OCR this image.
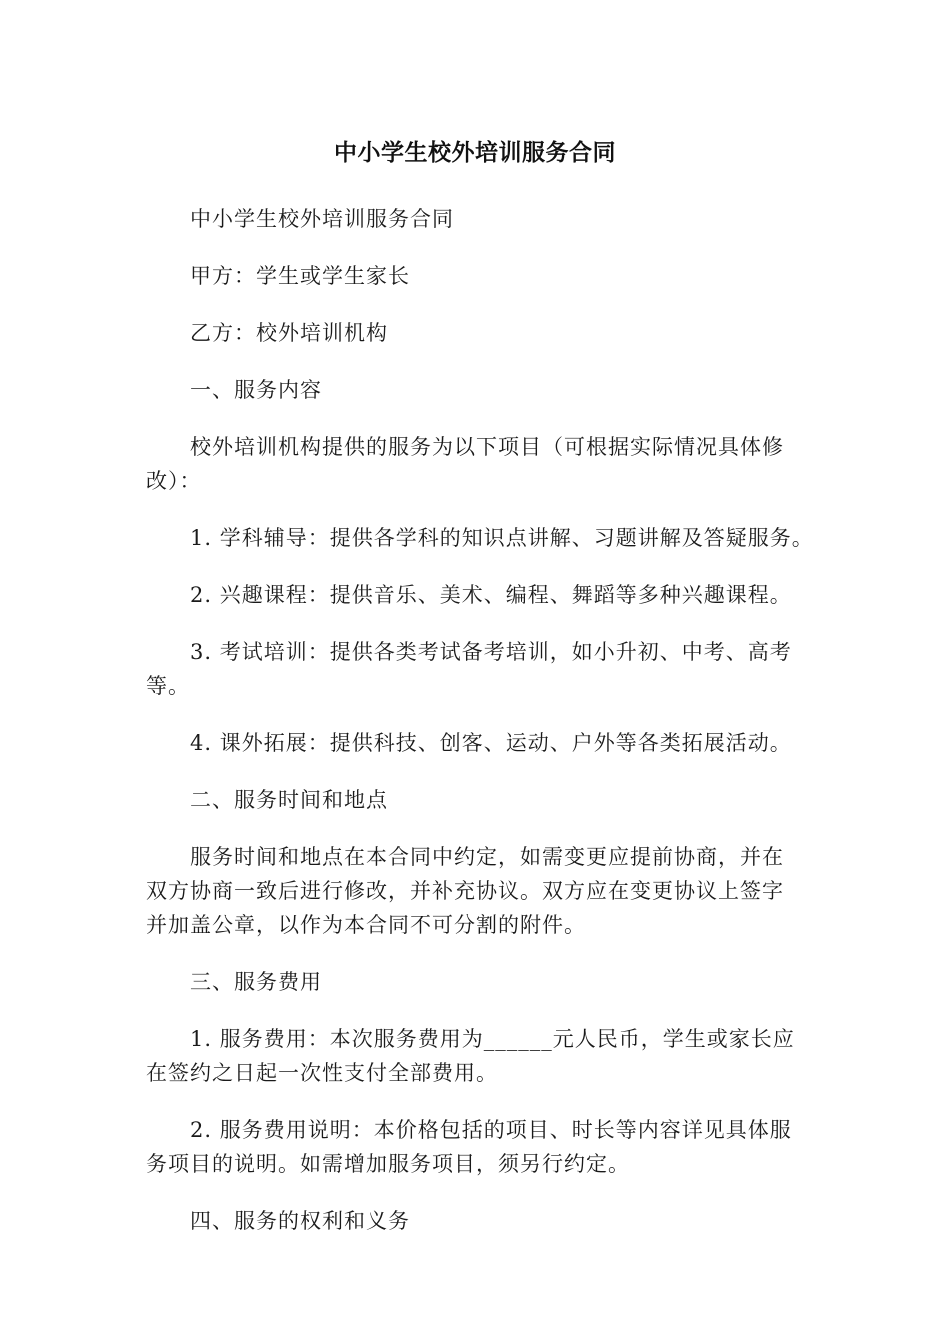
中小学生校外培训服务合同
中小学生校外培训服务合同
甲方：学生或学生家长
乙方：校外培训机构
一、服务内容
校外培训机构提供的服务为以下项目（可根据实际情况具体修
改）：
1. 学科辅导：提供各学科的知识点讲解、习题讲解及答疑服务。
2. 兴趣课程：提供音乐、美术、编程、舞蹈等多种兴趣课程。
3. 考试培训：提供各类考试备考培训，如小升初、中考、高考
等。
4. 课外拓展：提供科技、创客、运动、户外等各类拓展活动。
二、服务时间和地点
服务时间和地点在本合同中约定，如需变更应提前协商，并在
双方协商一致后进行修改，并补充协议。双方应在变更协议上签字
并加盖公章，以作为本合同不可分割的附件。
三、服务费用
1. 服务费用：本次服务费用为______元人民币，学生或家长应
在签约之日起一次性支付全部费用。
2. 服务费用说明：本价格包括的项目、时长等内容详见具体服
务项目的说明。如需增加服务项目，须另行约定。
四、服务的权利和义务
